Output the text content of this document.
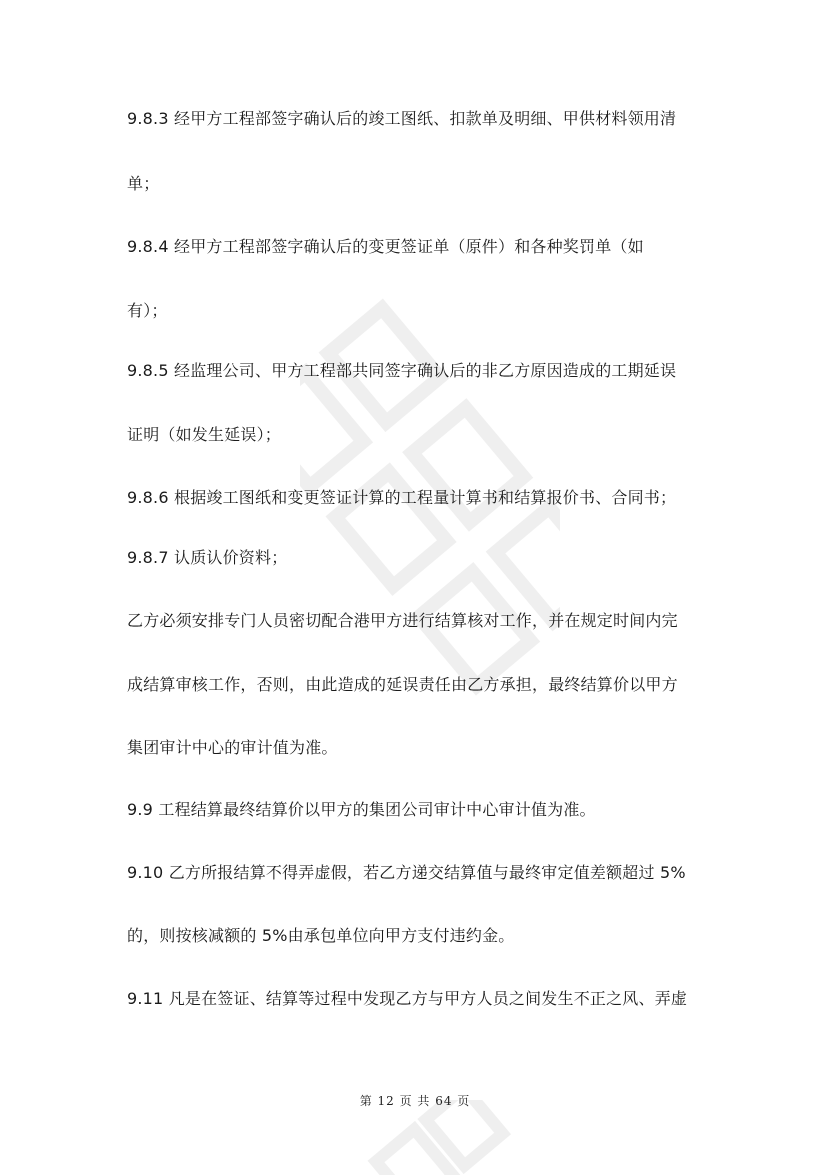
9.8.3 经甲方工程部签字确认后的竣工图纸、扣款单及明细、甲供材料领用清
单；
9.8.4 经甲方工程部签字确认后的变更签证单（原件）和各种奖罚单（如
有）；
9.8.5 经监理公司、甲方工程部共同签字确认后的非乙方原因造成的工期延误
证明（如发生延误）；
9.8.6 根据竣工图纸和变更签证计算的工程量计算书和结算报价书、合同书；
9.8.7 认质认价资料；
乙方必须安排专门人员密切配合港甲方进行结算核对工作，并在规定时间内完
成结算审核工作，否则，由此造成的延误责任由乙方承担，最终结算价以甲方
集团审计中心的审计值为准。
9.9 工程结算最终结算价以甲方的集团公司审计中心审计值为准。
9.10 乙方所报结算不得弄虚假，若乙方递交结算值与最终审定值差额超过 5%
的，则按核减额的 5%由承包单位向甲方支付违约金。
9.11 凡是在签证、结算等过程中发现乙方与甲方人员之间发生不正之风、弄虚
第 12 页 共 64 页
